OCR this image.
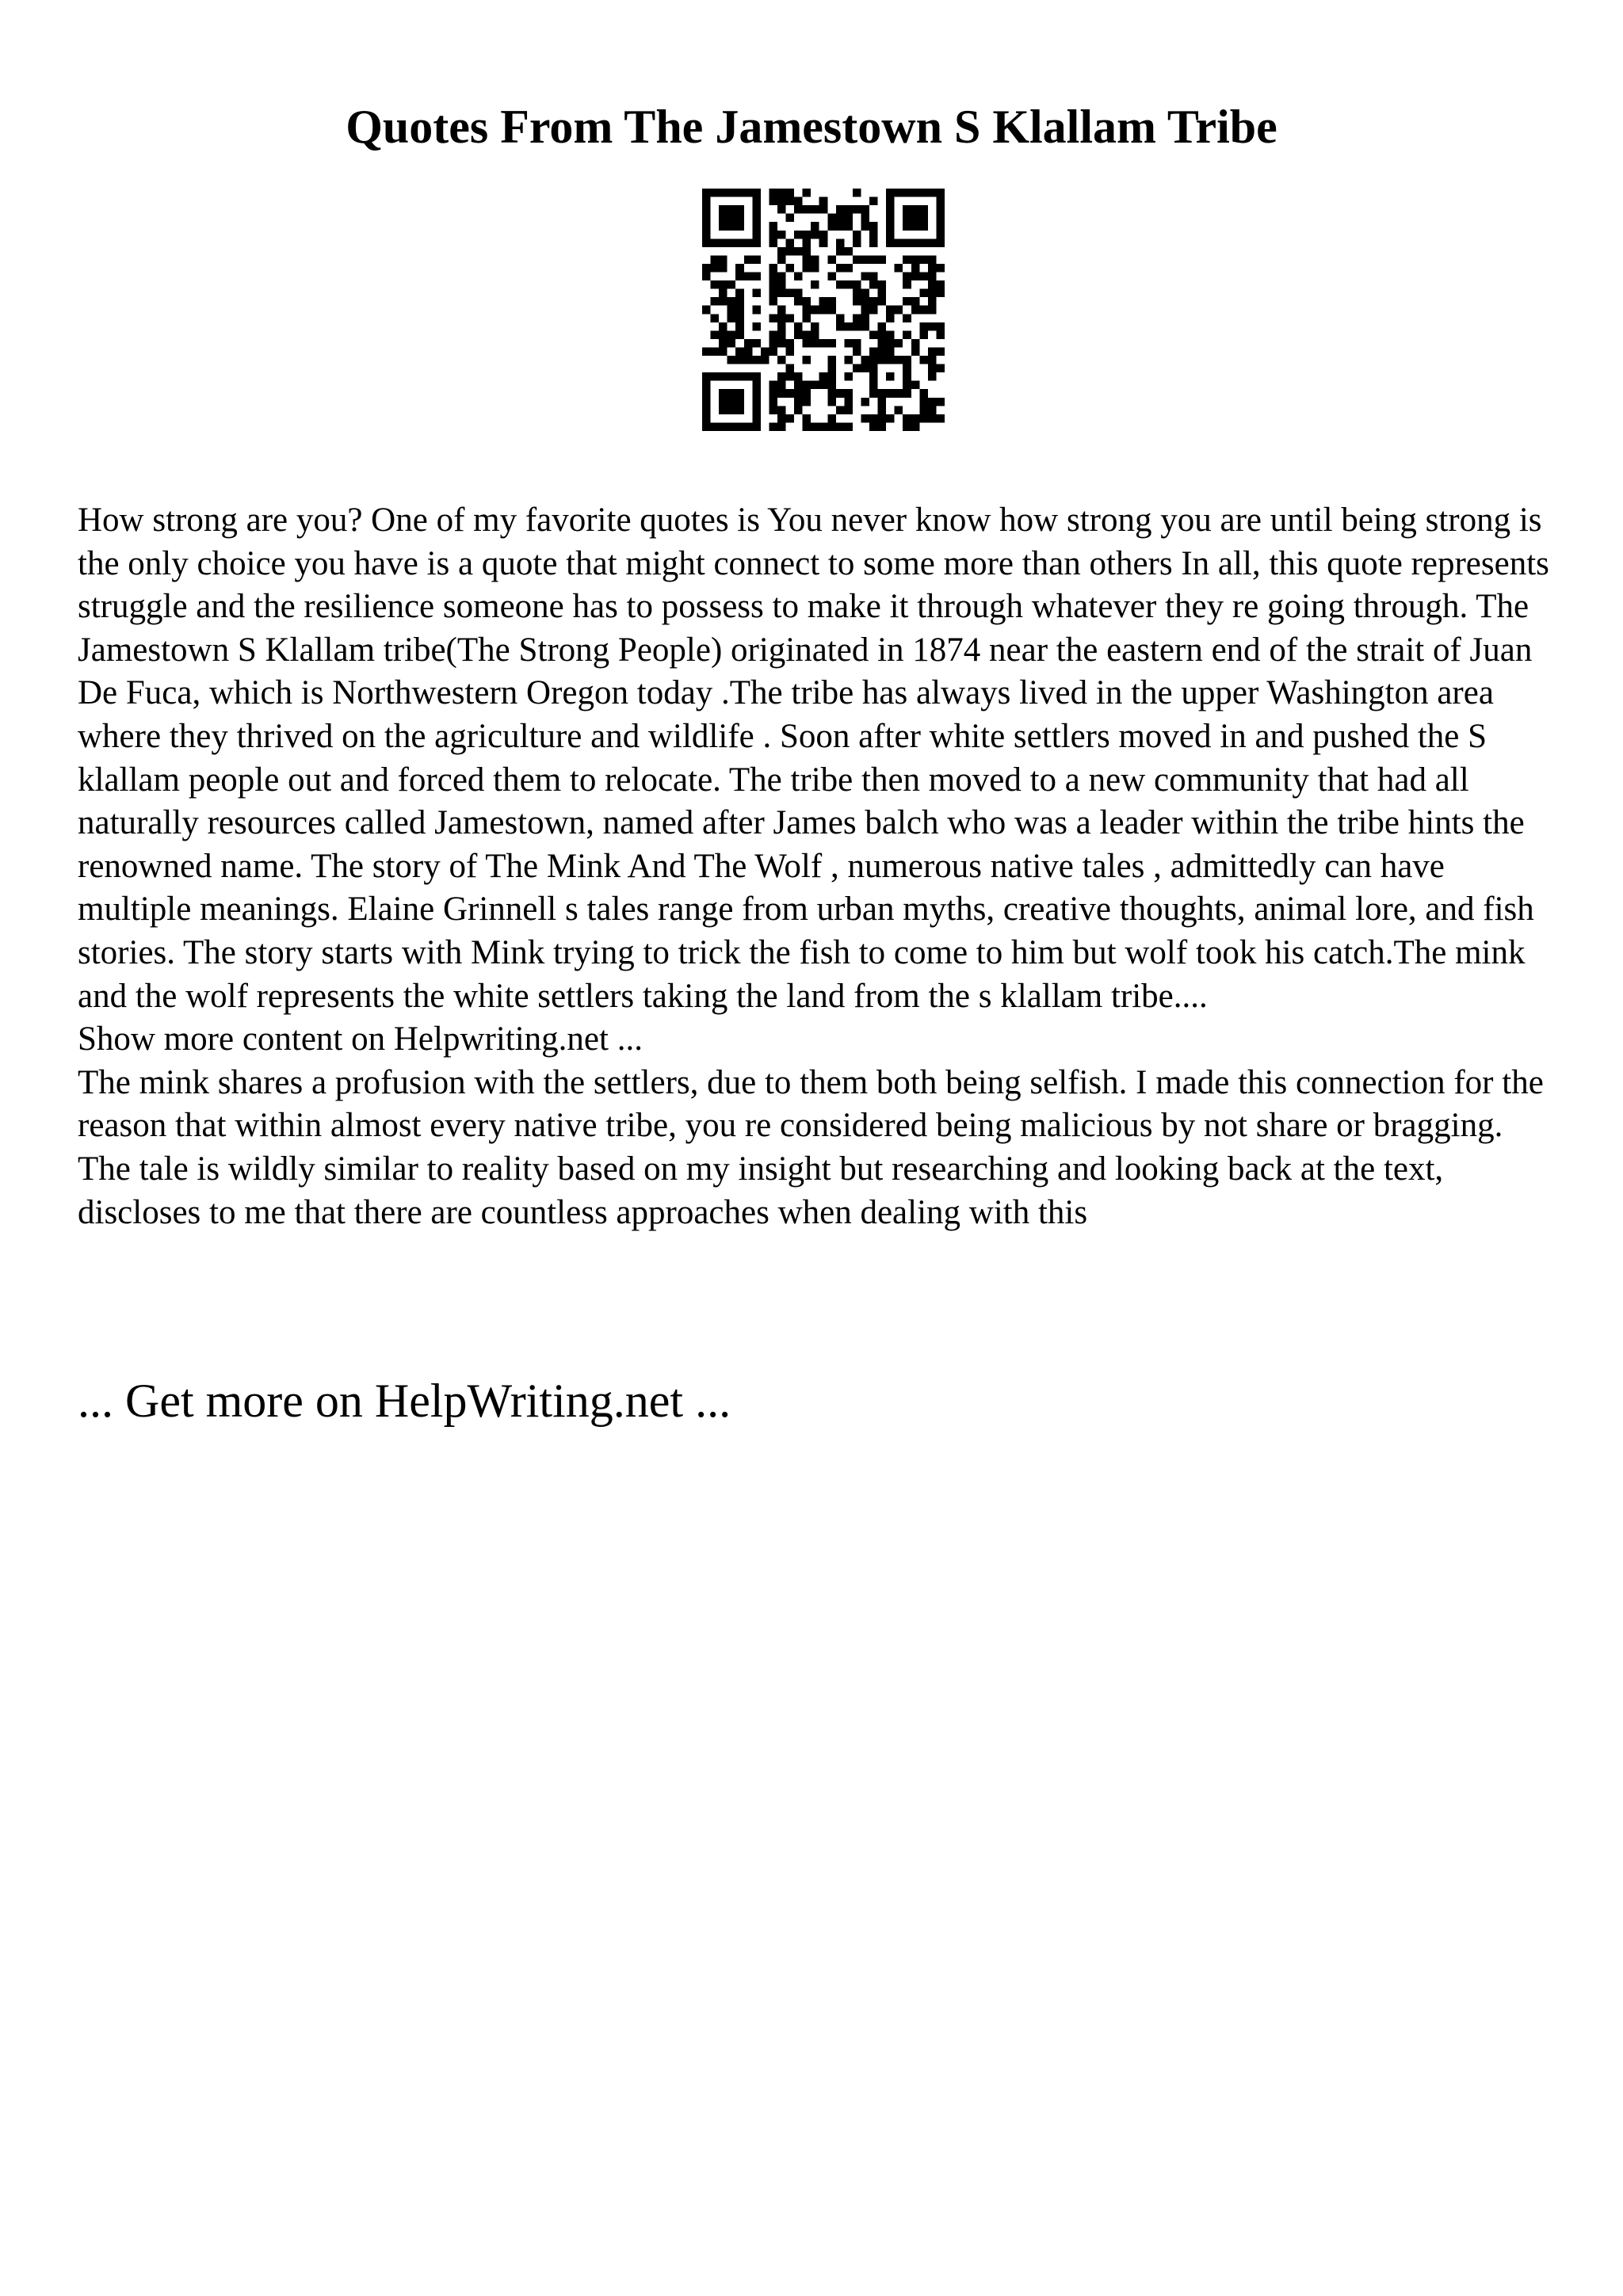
Quotes From The Jamestown S Klallam Tribe

How strong are you? One of my favorite quotes is You never know how strong you are until being strong is the only choice you have is a quote that might connect to some more than others In all, this quote represents struggle and the resilience someone has to possess to make it through whatever they re going through. The Jamestown S Klallam tribe(The Strong People) originated in 1874 near the eastern end of the strait of Juan De Fuca, which is Northwestern Oregon today .The tribe has always lived in the upper Washington area where they thrived on the agriculture and wildlife . Soon after white settlers moved in and pushed the S klallam people out and forced them to relocate. The tribe then moved to a new community that had all naturally resources called Jamestown, named after James balch who was a leader within the tribe hints the renowned name. The story of The Mink And The Wolf , numerous native tales , admittedly can have multiple meanings. Elaine Grinnell s tales range from urban myths, creative thoughts, animal lore, and fish stories. The story starts with Mink trying to trick the fish to come to him but wolf took his catch.The mink and the wolf represents the white settlers taking the land from the s klallam tribe....

Show more content on Helpwriting.net ...

The mink shares a profusion with the settlers, due to them both being selfish. I made this connection for the reason that within almost every native tribe, you re considered being malicious by not share or bragging. The tale is wildly similar to reality based on my insight but researching and looking back at the text, discloses to me that there are countless approaches when dealing with this

... Get more on HelpWriting.net ...
